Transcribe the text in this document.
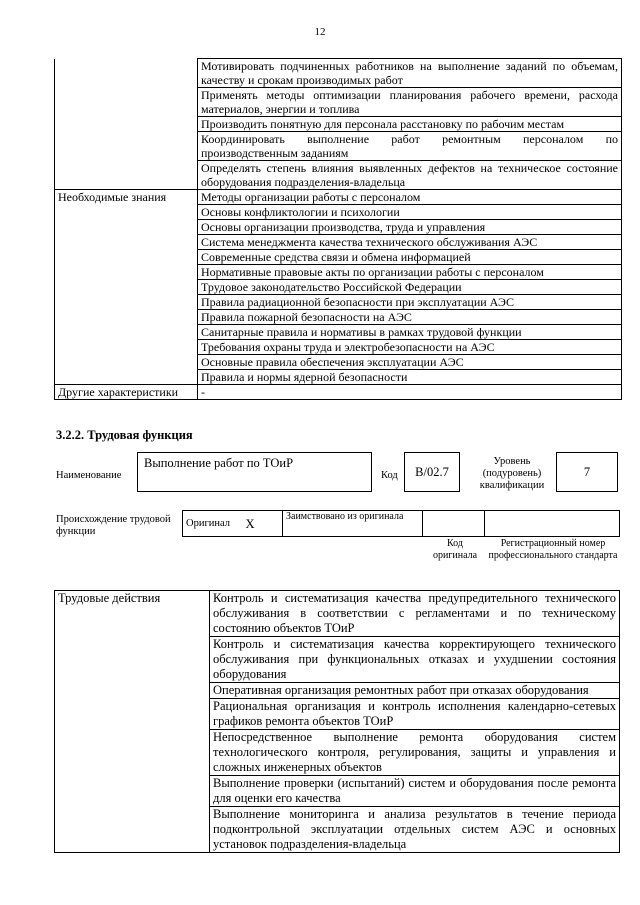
12
	Мотивировать подчиненных работников на выполнение заданий по объемам, качеству и срокам производимых работ
	Применять методы оптимизации планирования рабочего времени, расхода материалов, энергии и топлива
	Производить понятную для персонала расстановку по рабочим местам
	Координировать выполнение работ ремонтным персоналом по производственным заданиям
	Определять степень влияния выявленных дефектов на техническое состояние оборудования подразделения-владельца
Необходимые знания	Методы организации работы с персоналом
	Основы конфликтологии и психологии
	Основы организации производства, труда и управления
	Система менеджмента качества технического обслуживания АЭС
	Современные средства связи и обмена информацией
	Нормативные правовые акты по организации работы с персоналом
	Трудовое законодательство Российской Федерации
	Правила радиационной безопасности при эксплуатации АЭС
	Правила пожарной безопасности на АЭС
	Санитарные правила и нормативы в рамках трудовой функции
	Требования охраны труда и электробезопасности на АЭС
	Основные правила обеспечения эксплуатации АЭС
	Правила и нормы ядерной безопасности
Другие характеристики	-
3.2.2. Трудовая функция
Наименование
Выполнение работ по ТОиР
Код	B/02.7
Уровень (подуровень) квалификации
7
Происхождение трудовой функции
Оригинал	X	Заимствовано из оригинала		
Код оригинала
Регистрационный номер профессионального стандарта
Трудовые действия	Контроль и систематизация качества предупредительного технического обслуживания в соответствии с регламентами и по техническому состоянию объектов ТОиР
Контроль и систематизация качества корректирующего технического обслуживания при функциональных отказах и ухудшении состояния оборудования
Оперативная организация ремонтных работ при отказах оборудования
Рациональная организация и контроль исполнения календарно-сетевых графиков ремонта объектов ТОиР
Непосредственное выполнение ремонта оборудования систем технологического контроля, регулирования, защиты и управления и сложных инженерных объектов
Выполнение проверки (испытаний) систем и оборудования после ремонта для оценки его качества
Выполнение мониторинга и анализа результатов в течение периода подконтрольной эксплуатации отдельных систем АЭС и основных установок подразделения-владельца
